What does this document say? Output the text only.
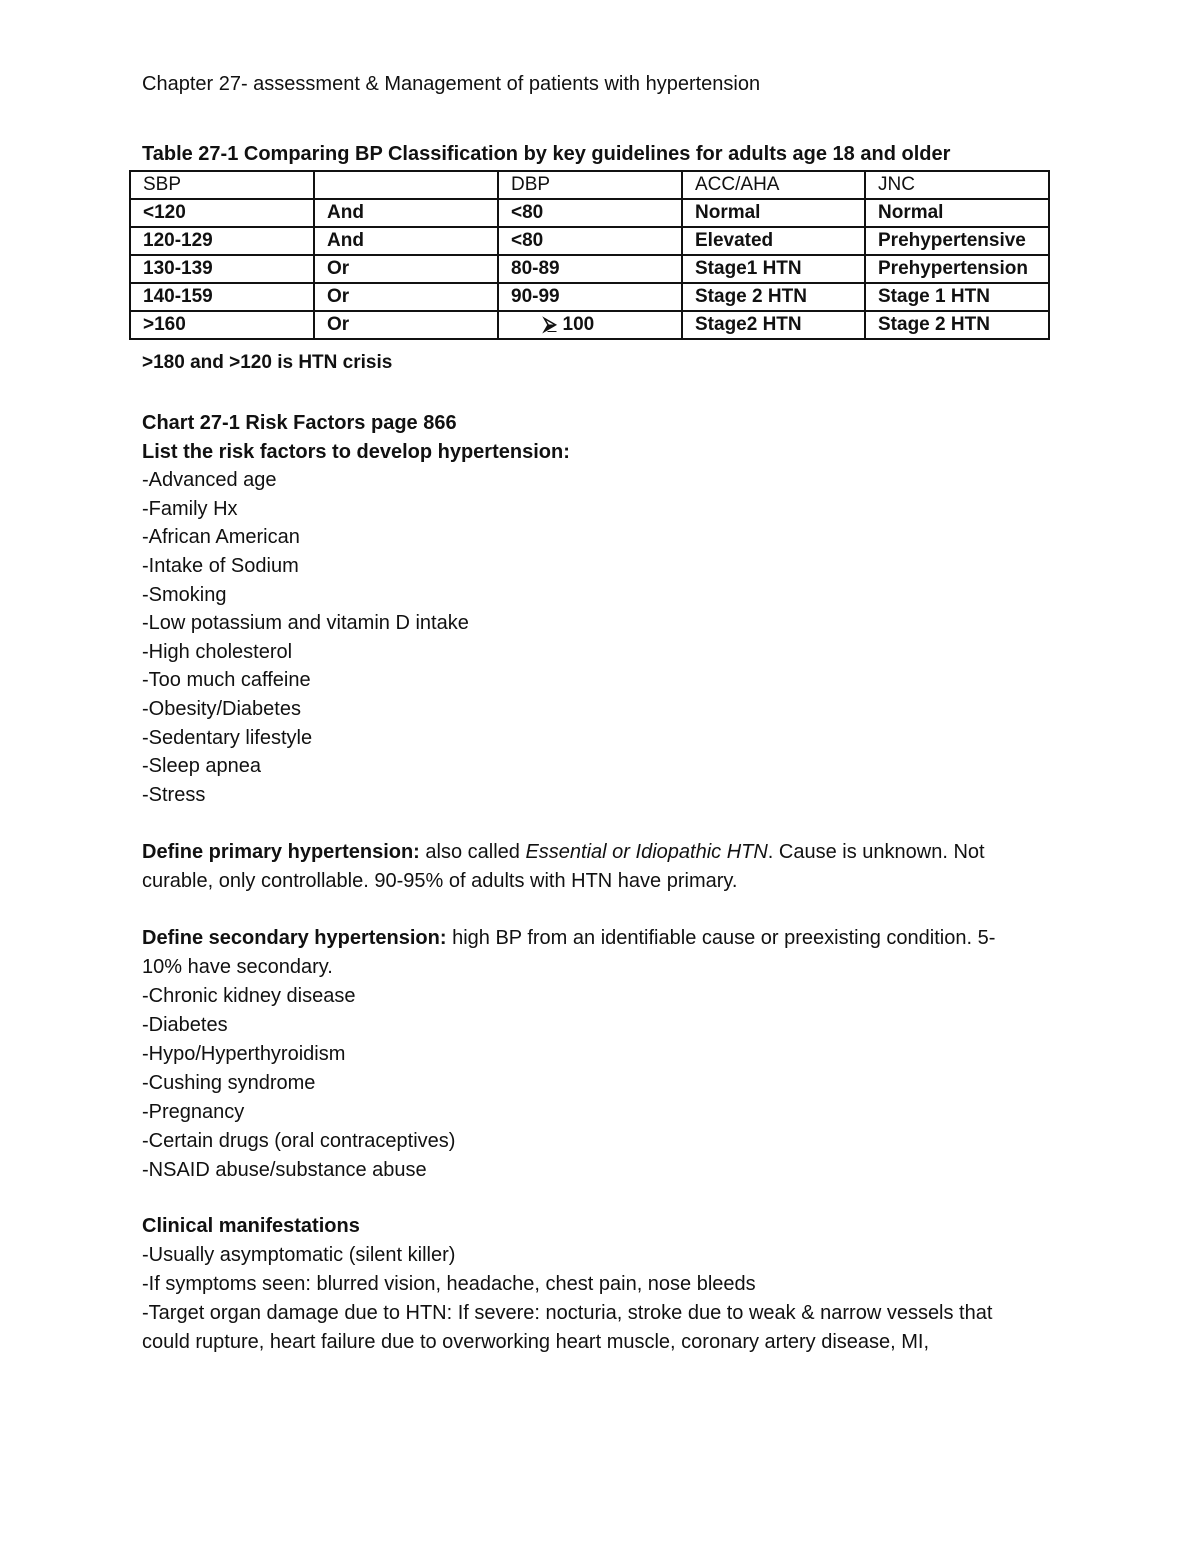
Chapter 27- assessment & Management of patients with hypertension
Table 27-1 Comparing BP Classification by key guidelines for adults age 18 and older
SBP		DBP	ACC/AHA	JNC
<120	And	<80	Normal	Normal
120-129	And	<80	Elevated	Prehypertensive
130-139	Or	80-89	Stage1 HTN	Prehypertension
140-159	Or	90-99	Stage 2 HTN	Stage 1 HTN
>160	Or	⮚ 100	Stage2 HTN	Stage 2 HTN
>180 and >120 is HTN crisis
Chart 27-1 Risk Factors page 866
List the risk factors to develop hypertension:
-Advanced age
-Family Hx
-African American
-Intake of Sodium
-Smoking
-Low potassium and vitamin D intake
-High cholesterol
-Too much caffeine
-Obesity/Diabetes
-Sedentary lifestyle
-Sleep apnea
-Stress
Define primary hypertension: also called Essential or Idiopathic HTN. Cause is unknown. Not
curable, only controllable. 90-95% of adults with HTN have primary.
Define secondary hypertension: high BP from an identifiable cause or preexisting condition. 5-
10% have secondary.
-Chronic kidney disease
-Diabetes
-Hypo/Hyperthyroidism
-Cushing syndrome
-Pregnancy
-Certain drugs (oral contraceptives)
-NSAID abuse/substance abuse
Clinical manifestations
-Usually asymptomatic (silent killer)
-If symptoms seen: blurred vision, headache, chest pain, nose bleeds
-Target organ damage due to HTN: If severe: nocturia, stroke due to weak & narrow vessels that
could rupture, heart failure due to overworking heart muscle, coronary artery disease, MI,
